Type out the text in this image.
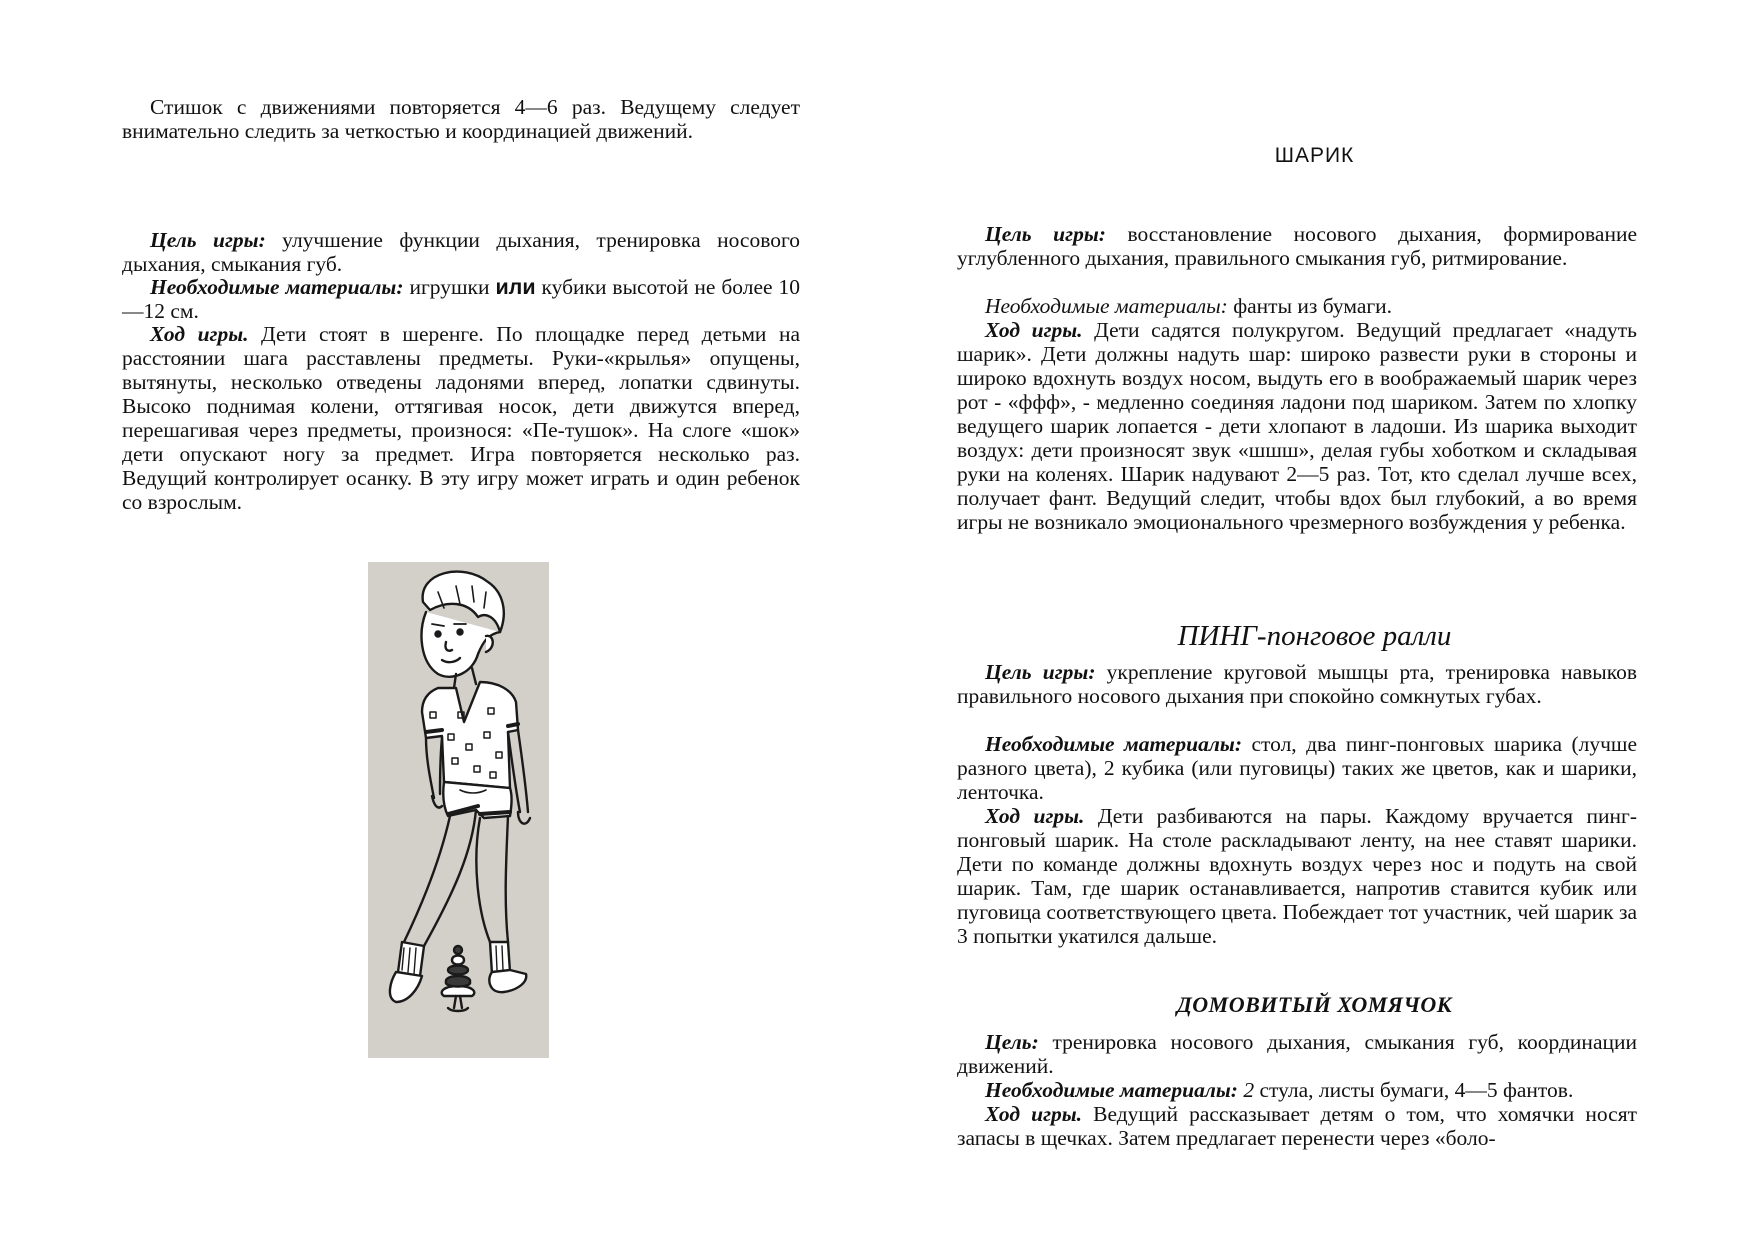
Стишок с движениями повторяется 4—6 раз. Ведущему следует внимательно следить за четкостью и координацией движений.

Цель игры: улучшение функции дыхания, тренировка носового дыхания, смыкания губ.

Необходимые материалы: игрушки или кубики высотой не более 10—12 см.

Ход игры. Дети стоят в шеренге. По площадке перед детьми на расстоянии шага расставлены предметы. Руки-«крылья» опущены, вытянуты, несколько отведены ладонями вперед, лопатки сдвинуты. Высоко поднимая колени, оттягивая носок, дети движутся вперед, перешагивая через предметы, произнося: «Пе-тушок». На слоге «шок» дети опускают ногу за предмет. Игра повторяется несколько раз. Ведущий контролирует осанку. В эту игру может играть и один ребенок со взрослым.

ШАРИК

Цель игры: восстановление носового дыхания, формирование углубленного дыхания, правильного смыкания губ, ритмирование.

Необходимые материалы: фанты из бумаги.

Ход игры. Дети садятся полукругом. Ведущий предлагает «надуть шарик». Дети должны надуть шар: широко развести руки в стороны и широко вдохнуть воздух носом, выдуть его в воображаемый шарик через рот - «ффф», - медленно соединяя ладони под шариком. Затем по хлопку ведущего шарик лопается - дети хлопают в ладоши. Из шарика выходит воздух: дети произносят звук «шшш», делая губы хоботком и складывая руки на коленях. Шарик надувают 2—5 раз. Тот, кто сделал лучше всех, получает фант. Ведущий следит, чтобы вдох был глубокий, а во время игры не возникало эмоционального чрезмерного возбуждения у ребенка.

ПИНГ-понговое ралли

Цель игры: укрепление круговой мышцы рта, тренировка навыков правильного носового дыхания при спокойно сомкнутых губах.

Необходимые материалы: стол, два пинг-понговых шарика (лучше разного цвета), 2 кубика (или пуговицы) таких же цветов, как и шарики, ленточка.

Ход игры. Дети разбиваются на пары. Каждому вручается пинг-понговый шарик. На столе раскладывают ленту, на нее ставят шарики. Дети по команде должны вдохнуть воздух через нос и подуть на свой шарик. Там, где шарик останавливается, напротив ставится кубик или пуговица соответствующего цвета. Побеждает тот участник, чей шарик за 3 попытки укатился дальше.

ДОМОВИТЫЙ ХОМЯЧОК

Цель: тренировка носового дыхания, смыкания губ, координации движений.

Необходимые материалы: 2 стула, листы бумаги, 4—5 фантов.

Ход игры. Ведущий рассказывает детям о том, что хомячки носят запасы в щечках. Затем предлагает перенести через «боло-
